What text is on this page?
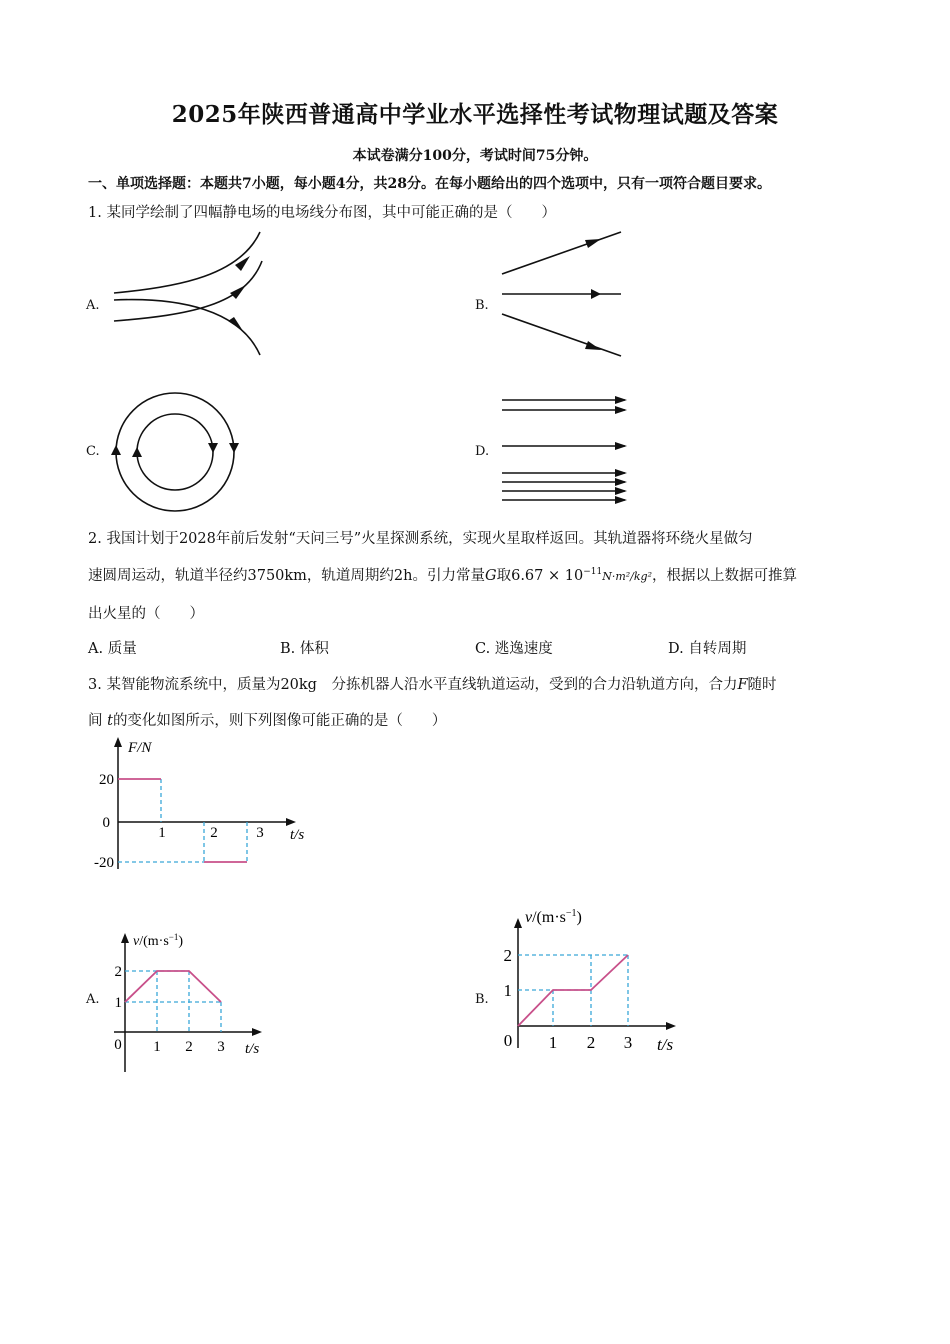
2025年陕西普通高中学业水平选择性考试物理试题及答案
本试卷满分100分，考试时间75分钟。
一、单项选择题：本题共7小题，每小题4分，共28分。在每小题给出的四个选项中，只有一项符合题目要求。
1. 某同学绘制了四幅静电场的电场线分布图，其中可能正确的是（　　）
A.	B.
C.	D.
2. 我国计划于2028年前后发射“天问三号”火星探测系统，实现火星取样返回。其轨道器将环绕火星做匀
速圆周运动，轨道半径约3750km，轨道周期约2h。引力常量G取$6.67 \times 10^{-11}N\cdot m^2$/kg²，根据以上数据可推算
出火星的（　　）
A. 质量	B. 体积	C. 逃逸速度	D. 自转周期
3. 某智能物流系统中，质量为20kg　分拣机器人沿水平直线轨道运动，受到的合力沿轨道方向，合力F随时
间 t的变化如图所示，则下列图像可能正确的是（　　）
F/N
20
0
-20
1	2	3 t/s
A.
$v/(m\cdot s^{-1})$
2
1
0 1 2 3 t/s
B.
$v/(m\cdot s^{-1})$
2
1
0 1 2 3 t/s
